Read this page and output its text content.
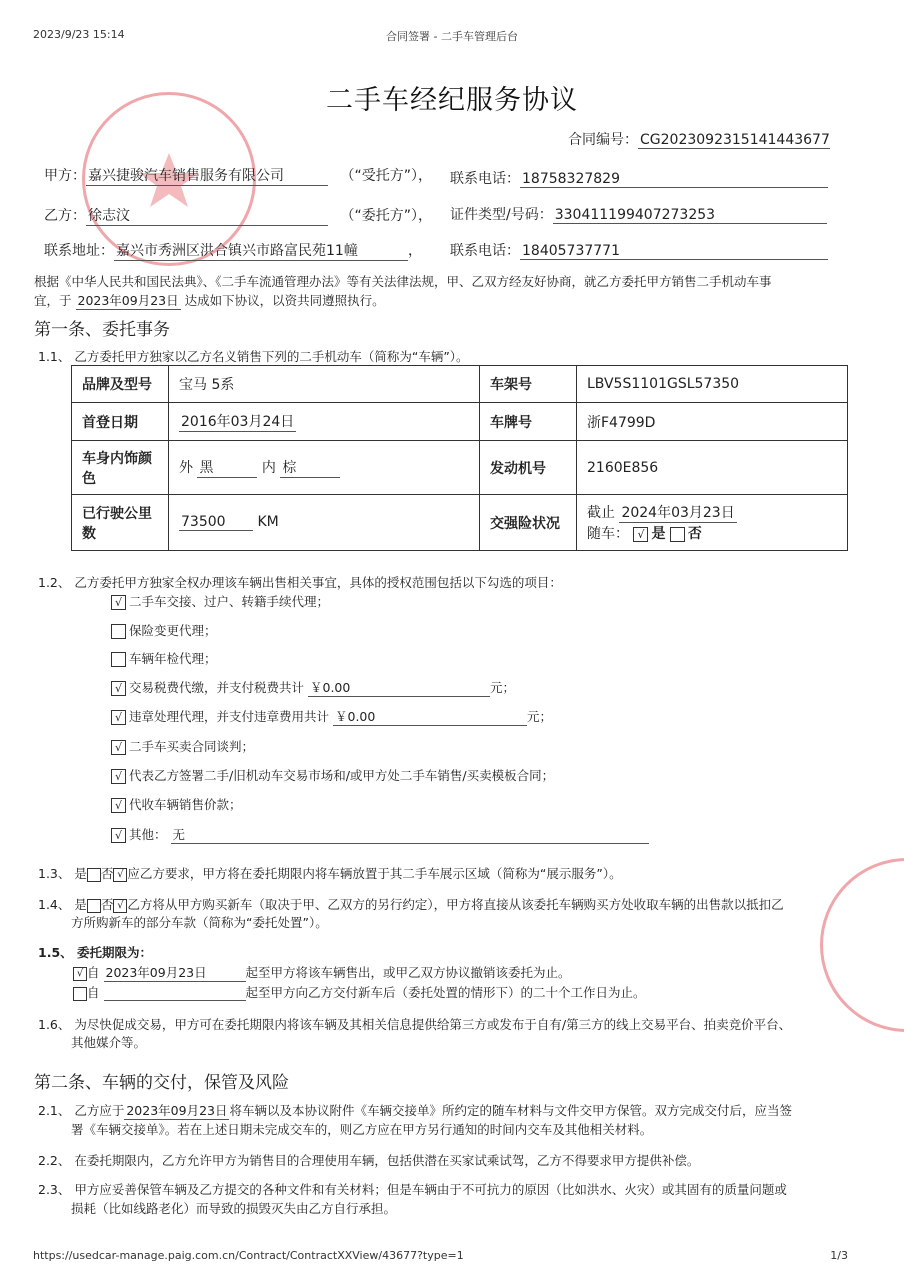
2023/9/23 15:14	合同签署 - 二手车管理后台
二手车经纪服务协议
合同编号： CG2023092315141443677
甲方： 嘉兴捷骏汽车销售服务有限公司	（“受托方”）， 联系电话： 18758327829
乙方： 徐志汶	（“委托方”）， 证件类型/号码： 330411199407273253
联系地址： 嘉兴市秀洲区洪合镇兴市路富民苑11幢	， 联系电话： 18405737771
根据《中华人民共和国民法典》、《二手车流通管理办法》等有关法律法规，甲、乙双方经友好协商，就乙方委托甲方销售二手机动车事
宜，于 2023年09月23日 达成如下协议，以资共同遵照执行。
第一条、委托事务
1.1、 乙方委托甲方独家以乙方名义销售下列的二手机动车（简称为“车辆”）。
品牌及型号	宝马 5系	车架号	LBV5S1101GSL57350
首登日期	2016年03月24日	车牌号	浙F4799D
车身内饰颜色	外 黑 内 棕	发动机号	2160E856
已行驶公里数	73500 KM	交强险状况	截止 2024年03月23日
随车： √ 是 否
1.2、 乙方委托甲方独家全权办理该车辆出售相关事宜，具体的授权范围包括以下勾选的项目：
√ 二手车交接、过户、转籍手续代理；
保险变更代理；
车辆年检代理；
√ 交易税费代缴，并支付税费共计 ￥0.00	元；
√ 违章处理代理，并支付违章费用共计 ￥0.00	元；
√ 二手车买卖合同谈判；
√ 代表乙方签署二手/旧机动车交易市场和/或甲方处二手车销售/买卖模板合同；
√ 代收车辆销售价款；
√ 其他： 无
1.3、 是 否 √ 应乙方要求，甲方将在委托期限内将车辆放置于其二手车展示区域（简称为“展示服务”）。
1.4、 是 否 √ 乙方将从甲方购买新车（取决于甲、乙双方的另行约定），甲方将直接从该委托车辆购买方处收取车辆的出售款以抵扣乙
方所购新车的部分车款（简称为“委托处置”）。
1.5、 委托期限为：
√ 自 2023年09月23日	起至甲方将该车辆售出，或甲乙双方协议撤销该委托为止。
自	起至甲方向乙方交付新车后（委托处置的情形下）的二十个工作日为止。
1.6、 为尽快促成交易，甲方可在委托期限内将该车辆及其相关信息提供给第三方或发布于自有/第三方的线上交易平台、拍卖竞价平台、
其他媒介等。
第二条、车辆的交付，保管及风险
2.1、 乙方应于 2023年09月23日 将车辆以及本协议附件《车辆交接单》所约定的随车材料与文件交甲方保管。双方完成交付后，应当签
署《车辆交接单》。若在上述日期未完成交车的，则乙方应在甲方另行通知的时间内交车及其他相关材料。
2.2、 在委托期限内，乙方允许甲方为销售目的合理使用车辆，包括供潜在买家试乘试驾，乙方不得要求甲方提供补偿。
2.3、 甲方应妥善保管车辆及乙方提交的各种文件和有关材料；但是车辆由于不可抗力的原因（比如洪水、火灾）或其固有的质量问题或
损耗（比如线路老化）而导致的损毁灭失由乙方自行承担。
https://usedcar-manage.paig.com.cn/Contract/ContractXXView/43677?type=1	1/3
